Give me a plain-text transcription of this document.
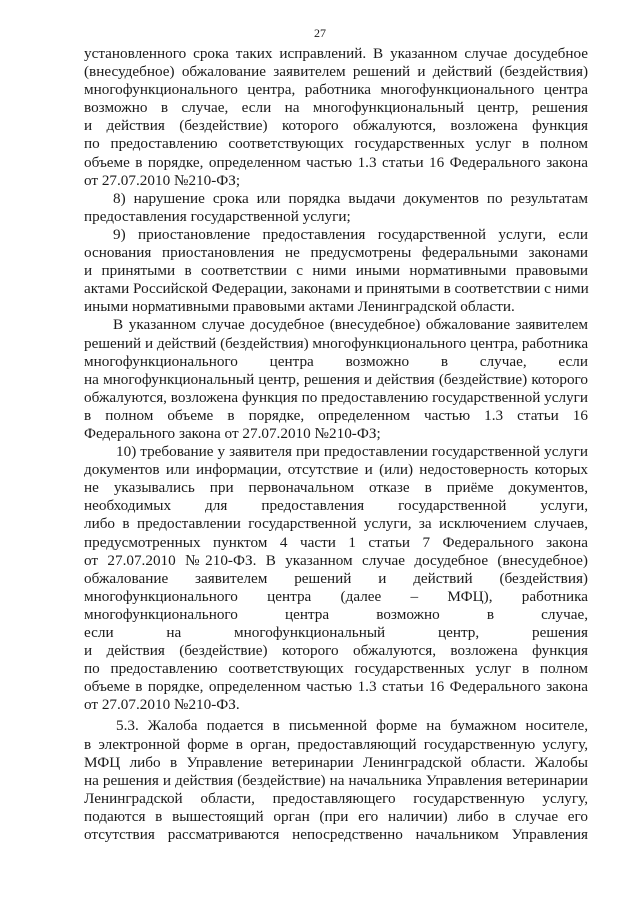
27

установленного срока таких исправлений. В указанном случае досудебное
(внесудебное) обжалование заявителем решений и действий (бездействия)
многофункционального центра, работника многофункционального центра
возможно в случае, если на многофункциональный центр, решения
и действия (бездействие) которого обжалуются, возложена функция
по предоставлению соответствующих государственных услуг в полном
объеме в порядке, определенном частью 1.3 статьи 16 Федерального закона
от 27.07.2010 №210-ФЗ;

8) нарушение срока или порядка выдачи документов по результатам
предоставления государственной услуги;

9) приостановление предоставления государственной услуги, если
основания приостановления не предусмотрены федеральными законами
и принятыми в соответствии с ними иными нормативными правовыми
актами Российской Федерации, законами и принятыми в соответствии с ними
иными нормативными правовыми актами Ленинградской области.

В указанном случае досудебное (внесудебное) обжалование заявителем
решений и действий (бездействия) многофункционального центра, работника
многофункционального центра возможно в случае, если
на многофункциональный центр, решения и действия (бездействие) которого
обжалуются, возложена функция по предоставлению государственной услуги
в полном объеме в порядке, определенном частью 1.3 статьи 16
Федерального закона от 27.07.2010 №210-ФЗ;

10) требование у заявителя при предоставлении государственной услуги
документов или информации, отсутствие и (или) недостоверность которых
не указывались при первоначальном отказе в приёме документов,
необходимых для предоставления государственной услуги,
либо в предоставлении государственной услуги, за исключением случаев,
предусмотренных пунктом 4 части 1 статьи 7 Федерального закона
от 27.07.2010 №210-ФЗ. В указанном случае досудебное (внесудебное)
обжалование заявителем решений и действий (бездействия)
многофункционального центра (далее – МФЦ), работника
многофункционального центра возможно в случае,
если на многофункциональный центр, решения
и действия (бездействие) которого обжалуются, возложена функция
по предоставлению соответствующих государственных услуг в полном
объеме в порядке, определенном частью 1.3 статьи 16 Федерального закона
от 27.07.2010 №210-ФЗ.

5.3. Жалоба подается в письменной форме на бумажном носителе,
в электронной форме в орган, предоставляющий государственную услугу,
МФЦ либо в Управление ветеринарии Ленинградской области. Жалобы
на решения и действия (бездействие) на начальника Управления ветеринарии
Ленинградской области, предоставляющего государственную услугу,
подаются в вышестоящий орган (при его наличии) либо в случае его
отсутствия рассматриваются непосредственно начальником Управления
